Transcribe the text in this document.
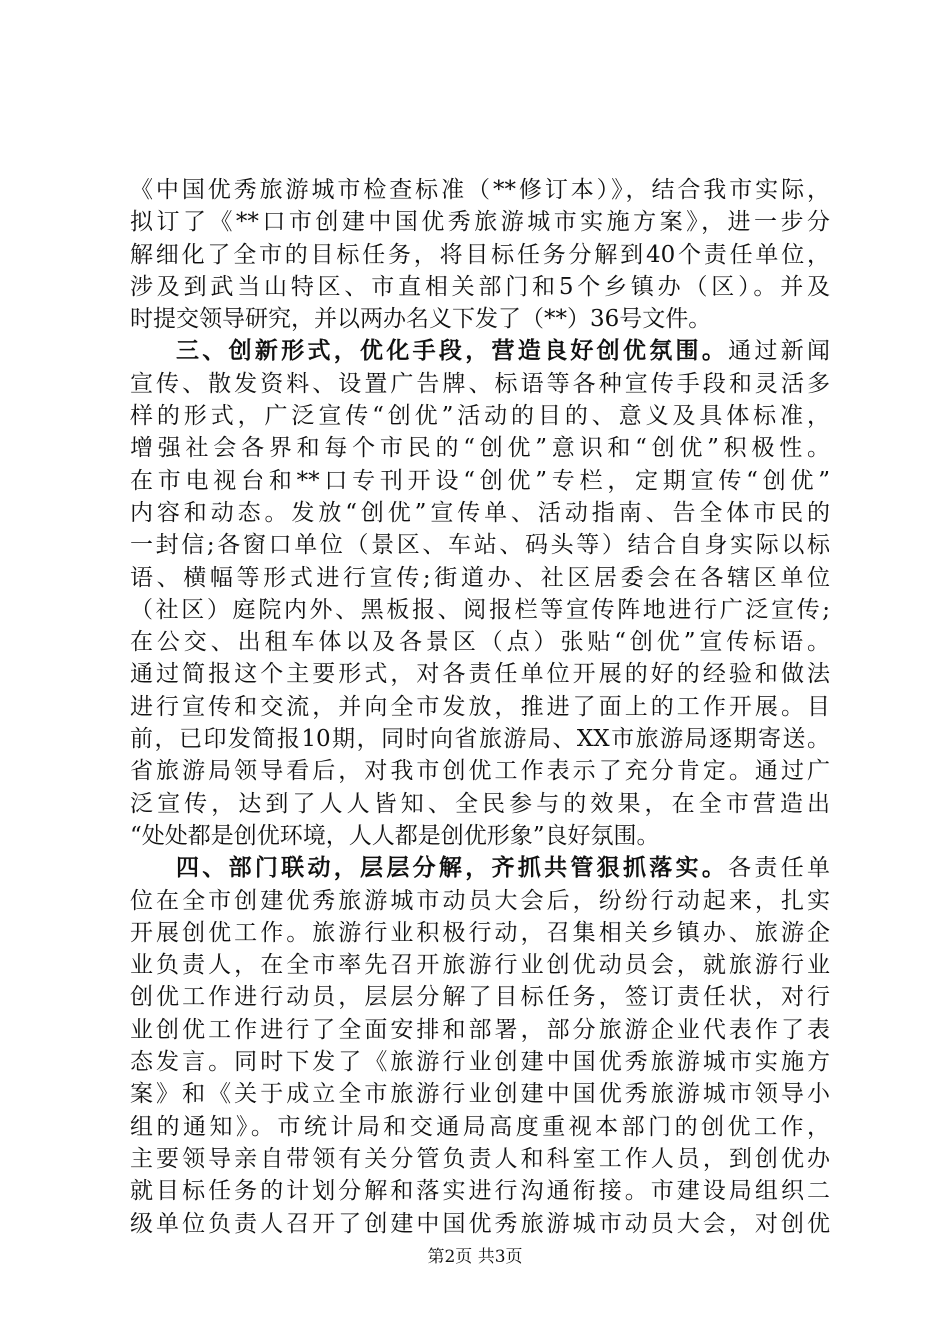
《中国优秀旅游城市检查标准（**修订本）》，结合我市实际，
拟订了《**口市创建中国优秀旅游城市实施方案》，进一步分
解细化了全市的目标任务，将目标任务分解到40个责任单位，
涉及到武当山特区、市直相关部门和5个乡镇办（区）。并及
时提交领导研究，并以两办名义下发了（**）36号文件。
三、创新形式，优化手段，营造良好创优氛围。通过新闻
宣传、散发资料、设置广告牌、标语等各种宣传手段和灵活多
样的形式，广泛宣传“创优”活动的目的、意义及具体标准，
增强社会各界和每个市民的“创优”意识和“创优”积极性。
在市电视台和**口专刊开设“创优”专栏，定期宣传“创优”
内容和动态。发放“创优”宣传单、活动指南、告全体市民的
一封信;各窗口单位（景区、车站、码头等）结合自身实际以标
语、横幅等形式进行宣传;街道办、社区居委会在各辖区单位
（社区）庭院内外、黑板报、阅报栏等宣传阵地进行广泛宣传;
在公交、出租车体以及各景区（点）张贴“创优”宣传标语。
通过简报这个主要形式，对各责任单位开展的好的经验和做法
进行宣传和交流，并向全市发放，推进了面上的工作开展。目
前，已印发简报10期，同时向省旅游局、XX市旅游局逐期寄送。
省旅游局领导看后，对我市创优工作表示了充分肯定。通过广
泛宣传，达到了人人皆知、全民参与的效果，在全市营造出
“处处都是创优环境，人人都是创优形象”良好氛围。
四、部门联动，层层分解，齐抓共管狠抓落实。各责任单
位在全市创建优秀旅游城市动员大会后，纷纷行动起来，扎实
开展创优工作。旅游行业积极行动，召集相关乡镇办、旅游企
业负责人，在全市率先召开旅游行业创优动员会，就旅游行业
创优工作进行动员，层层分解了目标任务，签订责任状，对行
业创优工作进行了全面安排和部署，部分旅游企业代表作了表
态发言。同时下发了《旅游行业创建中国优秀旅游城市实施方
案》和《关于成立全市旅游行业创建中国优秀旅游城市领导小
组的通知》。市统计局和交通局高度重视本部门的创优工作，
主要领导亲自带领有关分管负责人和科室工作人员，到创优办
就目标任务的计划分解和落实进行沟通衔接。市建设局组织二
级单位负责人召开了创建中国优秀旅游城市动员大会，对创优
第2页 共3页
